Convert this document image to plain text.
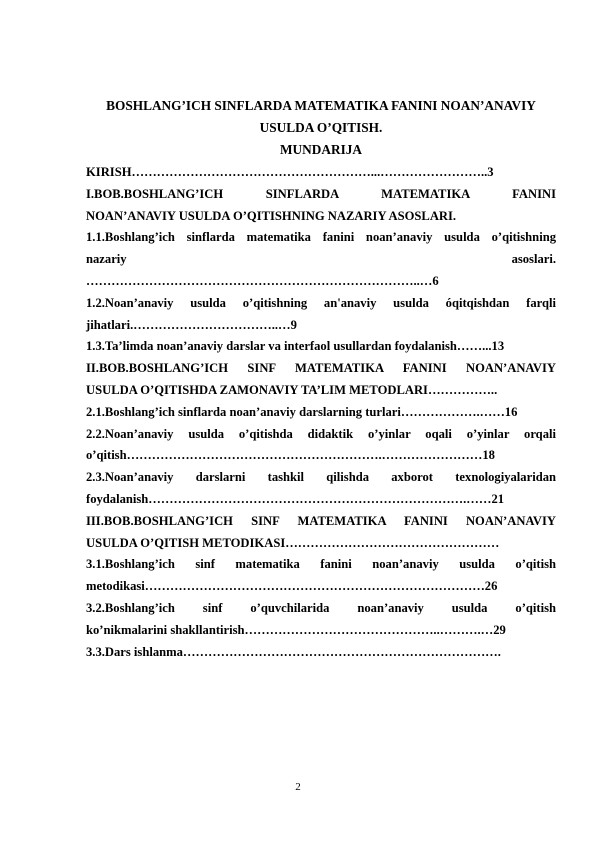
BOSHLANG’ICH SINFLARDA MATEMATIKA FANINI NOAN’ANAVIY

USULDA O’QITISH.

MUNDARIJA

KIRISH…………………………………………………...……………………..3

I.BOB.BOSHLANG’ICH SINFLARDA MATEMATIKA FANINI
NOAN’ANAVIY USULDA O’QITISHNING NAZARIY ASOSLARI.

1.1.Boshlang’ich sinflarda matematika fanini noan’anaviy usulda o’qitishning
nazariy asoslari.
……………………………………………………………………..…6

1.2.Noan’anaviy usulda o’qitishning an'anaviy usulda óqitqishdan farqli
jihatlari.……………………………..…9

1.3.Ta’limda noan’anaviy darslar va interfaol usullardan foydalanish……...13

II.BOB.BOSHLANG’ICH SINF MATEMATIKA FANINI NOAN’ANAVIY
USULDA O’QITISHDA ZAMONAVIY TA’LIM METODLARI……………..

2.1.Boshlang’ich sinflarda noan’anaviy darslarning turlari……………….……16

2.2.Noan’anaviy usulda o’qitishda didaktik o’yinlar oqali o’yinlar orqali
o’qitish…………………………………………………….……………………18

2.3.Noan’anaviy darslarni tashkil qilishda axborot texnologiyalaridan
foydalanish………………………………………………………………….……21

III.BOB.BOSHLANG’ICH SINF MATEMATIKA FANINI NOAN’ANAVIY
USULDA O’QITISH METODIKASI……………………………………………

3.1.Boshlang’ich sinf matematika fanini noan’anaviy usulda o’qitish
metodikasi………………………………………………………………………26

3.2.Boshlang’ich sinf o’quvchilarida noan’anaviy usulda o’qitish
ko’nikmalarini shakllantirish………………………………………..……….…29

3.3.Dars ishlanma………………………………………………………………….

2
